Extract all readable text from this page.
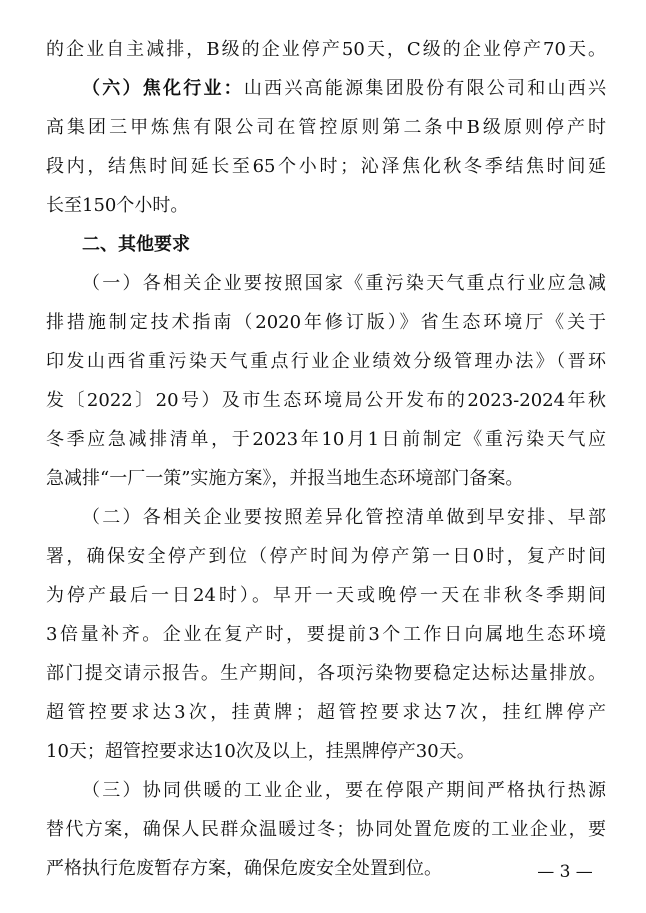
的企业自主减排，B级的企业停产50天，C级的企业停产70天。
（六）焦化行业：山西兴高能源集团股份有限公司和山西兴
高集团三甲炼焦有限公司在管控原则第二条中B级原则停产时
段内，结焦时间延长至65个小时；沁泽焦化秋冬季结焦时间延
长至150个小时。
二、其他要求
（一）各相关企业要按照国家《重污染天气重点行业应急减
排措施制定技术指南（2020年修订版）》省生态环境厅《关于
印发山西省重污染天气重点行业企业绩效分级管理办法》（晋环
发〔2022〕20号）及市生态环境局公开发布的2023-2024年秋
冬季应急减排清单，于2023年10月1日前制定《重污染天气应
急减排“一厂一策”实施方案》，并报当地生态环境部门备案。
（二）各相关企业要按照差异化管控清单做到早安排、早部
署，确保安全停产到位（停产时间为停产第一日0时，复产时间
为停产最后一日24时）。早开一天或晚停一天在非秋冬季期间
3倍量补齐。企业在复产时，要提前3个工作日向属地生态环境
部门提交请示报告。生产期间，各项污染物要稳定达标达量排放。
超管控要求达3次，挂黄牌；超管控要求达7次，挂红牌停产
10天；超管控要求达10次及以上，挂黑牌停产30天。
（三）协同供暖的工业企业，要在停限产期间严格执行热源
替代方案，确保人民群众温暖过冬；协同处置危废的工业企业，要
严格执行危废暂存方案，确保危废安全处置到位。	— 3 —
